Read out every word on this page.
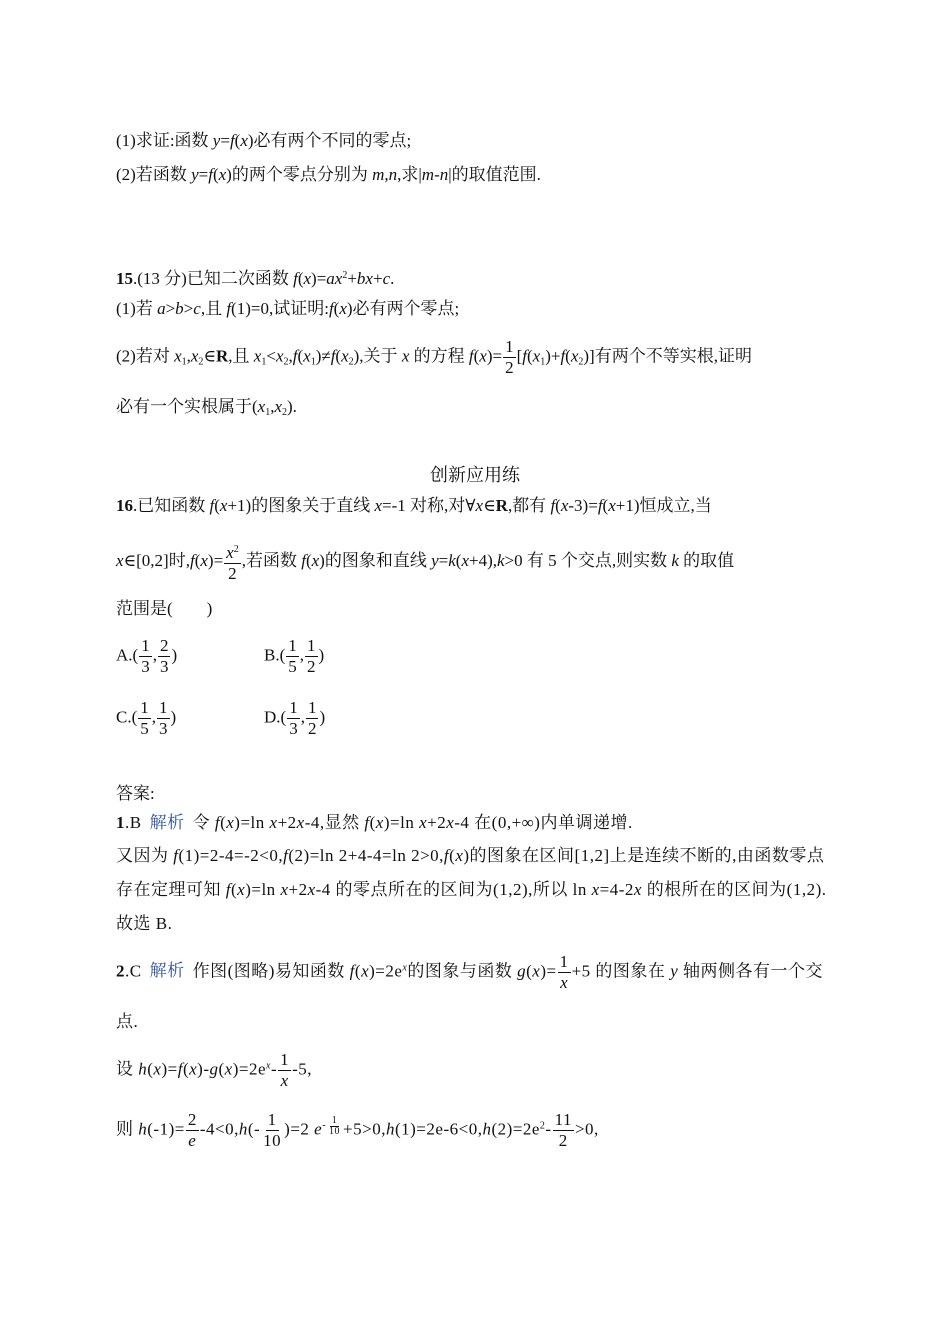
(1)求证:函数 y=f(x)必有两个不同的零点;
(2)若函数 y=f(x)的两个零点分别为 m,n,求|m-n|的取值范围.
15.(13 分)已知二次函数 $f(x)=ax^2+bx+c$.
(1)若 a>b>c,且 f(1)=0,试证明:f(x)必有两个零点;
(2)若对 $x_1,x_2\in R$,且 $x_1<x_2,f(x_1)\ne f(x_2)$,关于 x 的方程 $f(x)= \frac{1}{2} [f(x_1)+f(x_2)]$有两个不等实根,证明
必有一个实根属于$(x_1,x_2)$.
创新应用练
16.已知函数 f(x+1)的图象关于直线 x=-1 对称,对∀x∈R,都有 f(x-3)=f(x+1)恒成立,当
x∈[0,2]时$,f(x)= \frac{x^2}{2}$ ,若函数 f(x)的图象和直线 y=k(x+4),k>0 有 5 个交点,则实数 k 的取值
范围是(　　)
$A.( \frac{1}{3}$ , $\frac{2}{3}$ )	$B.( \frac{1}{5}$ , $\frac{1}{2}$ )
$C.( \frac{1}{5}$ , $\frac{1}{3}$ )	$D.( \frac{1}{3}$ , $\frac{1}{2}$ )
答案:
1.B 解析 令 f(x)=ln x+2x-4,显然 f(x)=ln x+2x-4 在(0,+∞)内单调递增.
又因为 f(1)=2-4=-2<0,f(2)=ln 2+4-4=ln 2>0,f(x)的图象在区间[1,2]上是连续不断的,由函数零点
存在定理可知 f(x)=ln x+2x-4 的零点所在的区间为(1,2),所以 ln x=4-2x 的根所在的区间为(1,2).
故选 B.
2.C 解析 作图(图略)易知函数 $f(x)=2e^x$的图象与函数 $g(x)= \frac{1}{x} +5$ 的图象在 y 轴两侧各有一个交
点.
设 $h(x)=f(x)-g(x)=2e^x- \frac{1}{x} -5$,
则 $h(-1)= \frac{2}{e} -4<0,h(- \frac{1}{10} )=2$ $e^{- \frac{1}{10}} +5>0,h(1)=2e-6<0,h(2)=2e^2- \frac{11}{2} >0$,
